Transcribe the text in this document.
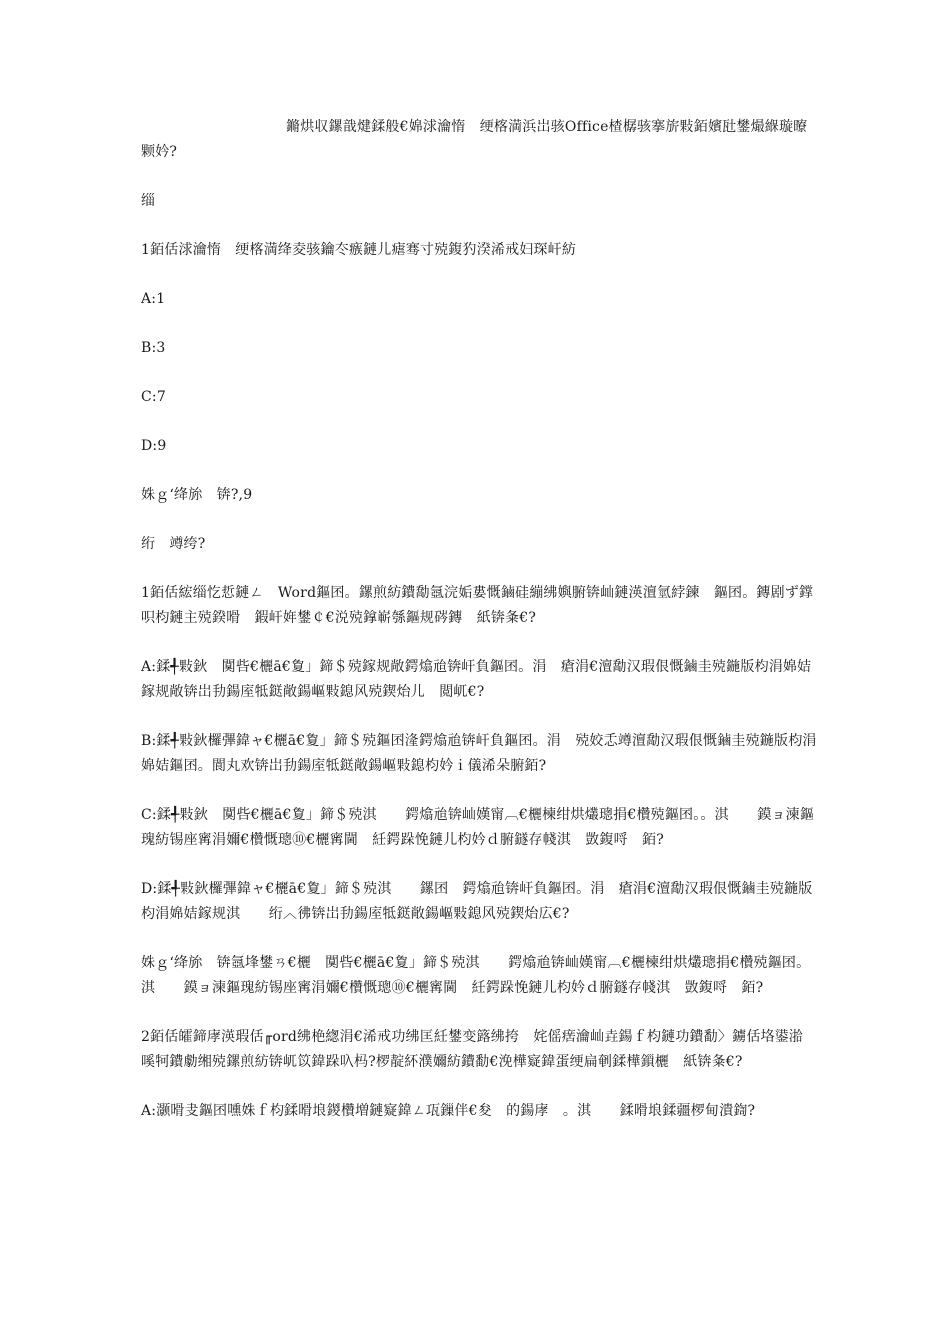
鏅烘収鏍戠煡鍒般€婂浗瀹惰　绠楁満浜岀骇Office楂樼骇搴旂敤銆嬪瓧鐢熶緥璇曢颗妗?

缁

1銆佸浗瀹惰　绠楁満绛夌骇鑰冭瘯鏈儿瘧骞寸殑鍑犳湀浠戒妇琛屽紡

A:1

B:3

C:7

D:9

姝ｇ‘绛旀　锛?,9

绗　竴绔?

1銆佸綋缁忔悊鏈ㄥ　Word鏂囨。鏍煎紡鐨勪氬浣姤婁慨鏀硅繃绋嬩腑锛屾鏈渶澶氫綍鍊　鏂囨。鏄剧ず鐣呮枃鏈主殑鍨嗗　鍜屽姩鐢￠€涚殑鎿嶄綔鏂规硶鏄　紙锛夈€?

A:鍒╃敤鈥　闃呰€欐ā€夐」鍗＄殑鎵规敞鍔熻兘锛屽負鏂囨。涓　瘡涓€澶勪汉瑕佷慨鏀圭殑鍦版枃涓婂姞鎵规敞锛岀劧鍚庢牴鎹敞鍚嶇敤鎴风殑鍥炲儿　閲屼€?

B:鍒╃敤鈥欏彃鍏ャ€欐ā€夐」鍗＄殑鏂囨湰鍔熻兘锛屽負鏂囨。涓　殑姣忎竴澶勪汉瑕佷慨鏀圭殑鍦版枃涓婂姞鏂囨。閬丸欢锛岀劧鍚庢牴鎹敞鍚嶇敤鎴枃妗ｉ儀浠朵腑銆?

C:鍒╃敤鈥　闃呰€欐ā€夐」鍗＄殑淇　　鍔熻兘锛屾嫨甯︹€欐楝绀烘爜璁捐€欑殑鏂囨。。淇　　鏌ョ湅鏂瑰紡锡座寗涓嬭€欑慨璁⑩€欐寗閫　紝鍔跺悗鏈儿枃妗ｄ腑鐩存帴淇　敳鍑哷　銆?

D:鍒╃敤鈥欏彃鍏ャ€欐ā€夐」鍗＄殑淇　　鏍囨　鍔熻兘锛屽負鏂囨。涓　瘡涓€澶勪汉瑕佷慨鏀圭殑鍦版枃涓婂姞鎵规淇　　绗︿彿锛岀劧鍚庢牴鎹敞鍚嶇敤鎴风殑鍥炲広€?

姝ｇ‘绛旀　锛氬埄鐢ㄢ€欐　闃呰€欐ā€夐」鍗＄殑淇　　鍔熻兘锛屾嫨甯︹€欐楝绀烘爜璁捐€欑殑鏂囨。淇　　鏌ョ湅鏂瑰紡锡座寗涓嬭€欑慨璁⑩€欐寗閫　紝鍔跺悗鏈儿枃妗ｄ腑鐩存帴淇　敳鍑哷　銆?

2銆佸皬鍗庨渶瑕佸╓ord绋栬緫涓€浠戒功绋匡紝鐢变簬绋挎　姹傜瘔瀹屾垚鍚ｆ枃鏈功鐨勫〉鐪佸垎鍙湁　嗘牱鐨勮缃殑鏍煎紡锛屼笖鍏跺叺杩?椤靛紑濮嬭紡鐨勫€浼樺寲鍏蛋绠扁剦鍒樺鎻欐　紙锛夈€?

A:灏嗗叏鏂囨嚑姝ｆ枃鍒嗗埌鍐欑増鏈寲鍏ㄥ瓨鏁伴€夋　的鍚庨　。淇　　鍒嗗埌鍒疆椤甸潰鍧?
